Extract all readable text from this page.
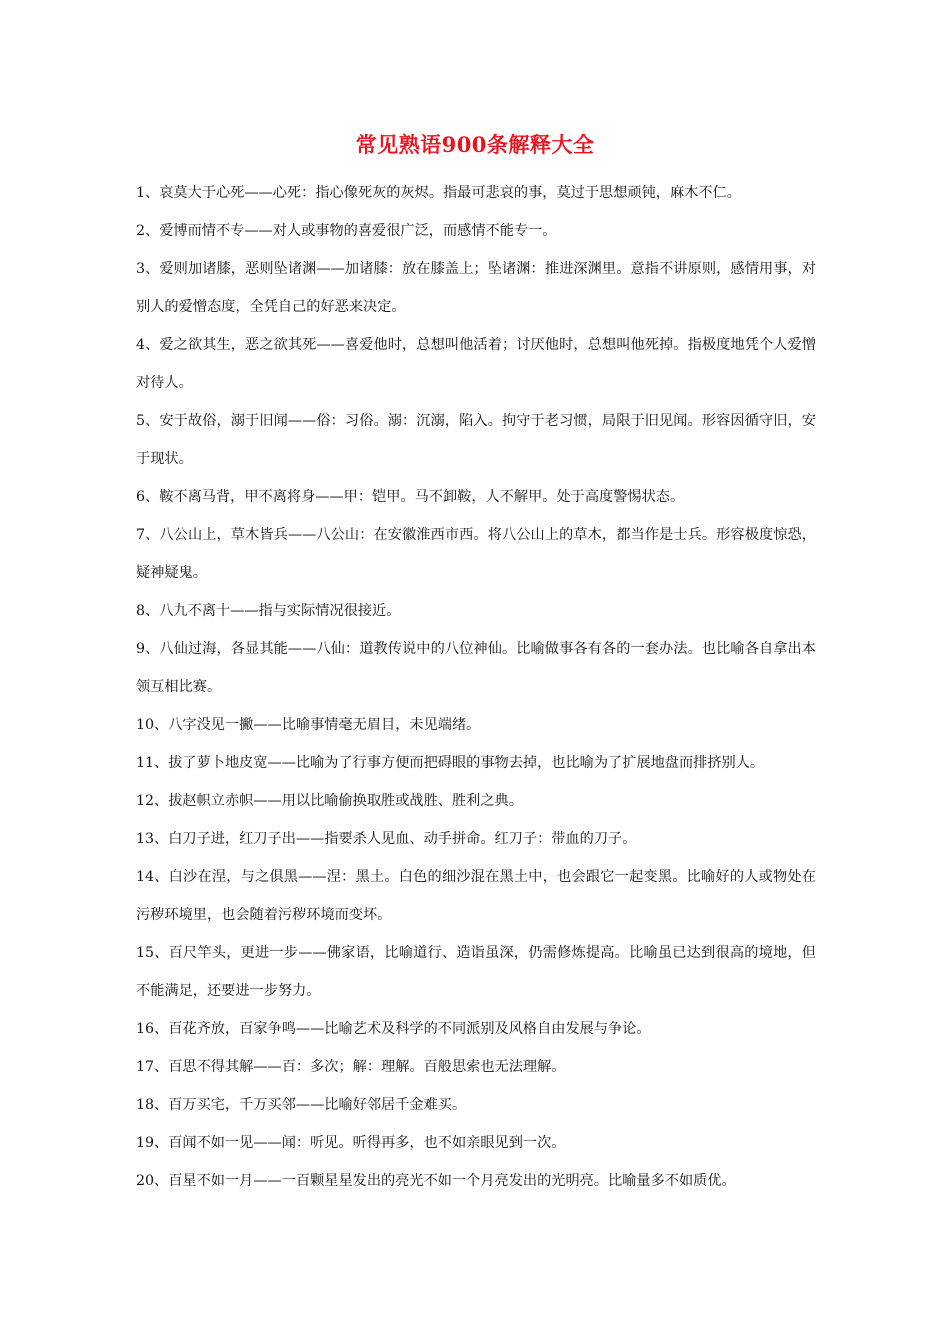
常见熟语900条解释大全

1、哀莫大于心死——心死：指心像死灰的灰烬。指最可悲哀的事，莫过于思想顽钝，麻木不仁。

2、爱博而情不专——对人或事物的喜爱很广泛，而感情不能专一。

3、爱则加诸膝，恶则坠诸渊——加诸膝：放在膝盖上；坠诸渊：推进深渊里。意指不讲原则，感情用事，对别人的爱憎态度，全凭自己的好恶来决定。

4、爱之欲其生，恶之欲其死——喜爱他时，总想叫他活着；讨厌他时，总想叫他死掉。指极度地凭个人爱憎对待人。

5、安于故俗，溺于旧闻——俗：习俗。溺：沉溺，陷入。拘守于老习惯，局限于旧见闻。形容因循守旧，安于现状。

6、鞍不离马背，甲不离将身——甲：铠甲。马不卸鞍，人不解甲。处于高度警惕状态。

7、八公山上，草木皆兵——八公山：在安徽淮西市西。将八公山上的草木，都当作是士兵。形容极度惊恐，疑神疑鬼。

8、八九不离十——指与实际情况很接近。

9、八仙过海，各显其能——八仙：道教传说中的八位神仙。比喻做事各有各的一套办法。也比喻各自拿出本领互相比赛。

10、八字没见一撇——比喻事情毫无眉目，未见端绪。

11、拔了萝卜地皮宽——比喻为了行事方便而把碍眼的事物去掉，也比喻为了扩展地盘而排挤别人。

12、拔赵帜立赤帜——用以比喻偷换取胜或战胜、胜利之典。

13、白刀子进，红刀子出——指要杀人见血、动手拼命。红刀子：带血的刀子。

14、白沙在涅，与之俱黑——涅：黑土。白色的细沙混在黑土中，也会跟它一起变黑。比喻好的人或物处在污秽环境里，也会随着污秽环境而变坏。

15、百尺竿头，更进一步——佛家语，比喻道行、造诣虽深，仍需修炼提高。比喻虽已达到很高的境地，但不能满足，还要进一步努力。

16、百花齐放，百家争鸣——比喻艺术及科学的不同派别及风格自由发展与争论。

17、百思不得其解——百：多次；解：理解。百般思索也无法理解。

18、百万买宅，千万买邻——比喻好邻居千金难买。

19、百闻不如一见——闻：听见。听得再多，也不如亲眼见到一次。

20、百星不如一月——一百颗星星发出的亮光不如一个月亮发出的光明亮。比喻量多不如质优。
